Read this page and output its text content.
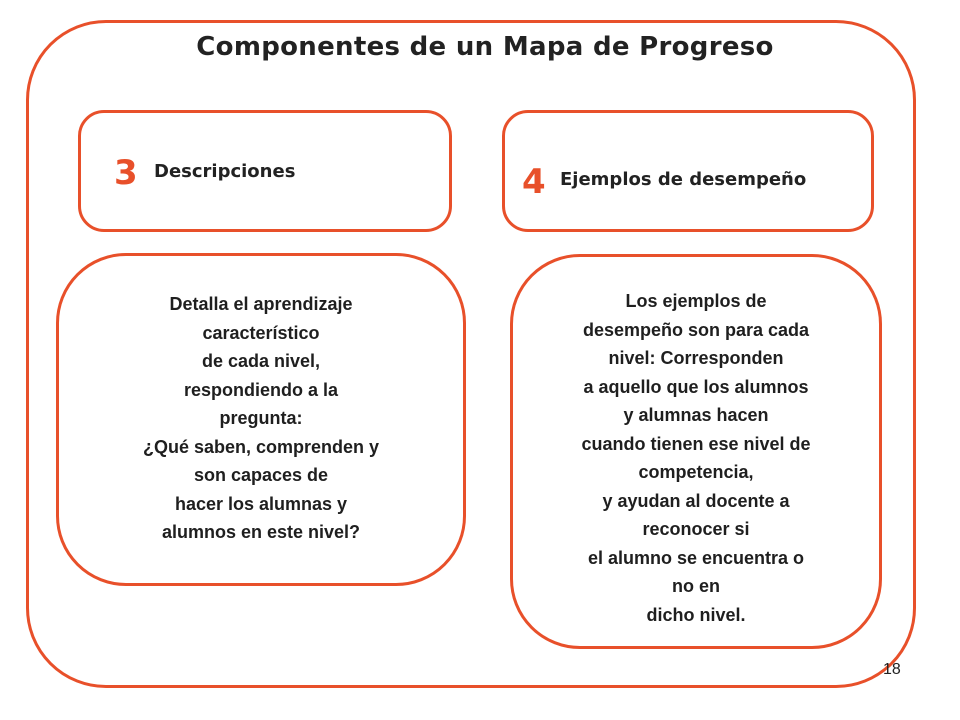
Componentes de un Mapa de Progreso
3 Descripciones	4 Ejemplos de desempeño
Detalla el aprendizaje
característico
de cada nivel,
respondiendo a la
pregunta:
¿Qué saben, comprenden y
son capaces de
hacer los alumnas y
alumnos en este nivel?
Los ejemplos de
desempeño son para cada
nivel: Corresponden
a aquello que los alumnos
y alumnas hacen
cuando tienen ese nivel de
competencia,
y ayudan al docente a
reconocer si
el alumno se encuentra o
no en
dicho nivel.
18
